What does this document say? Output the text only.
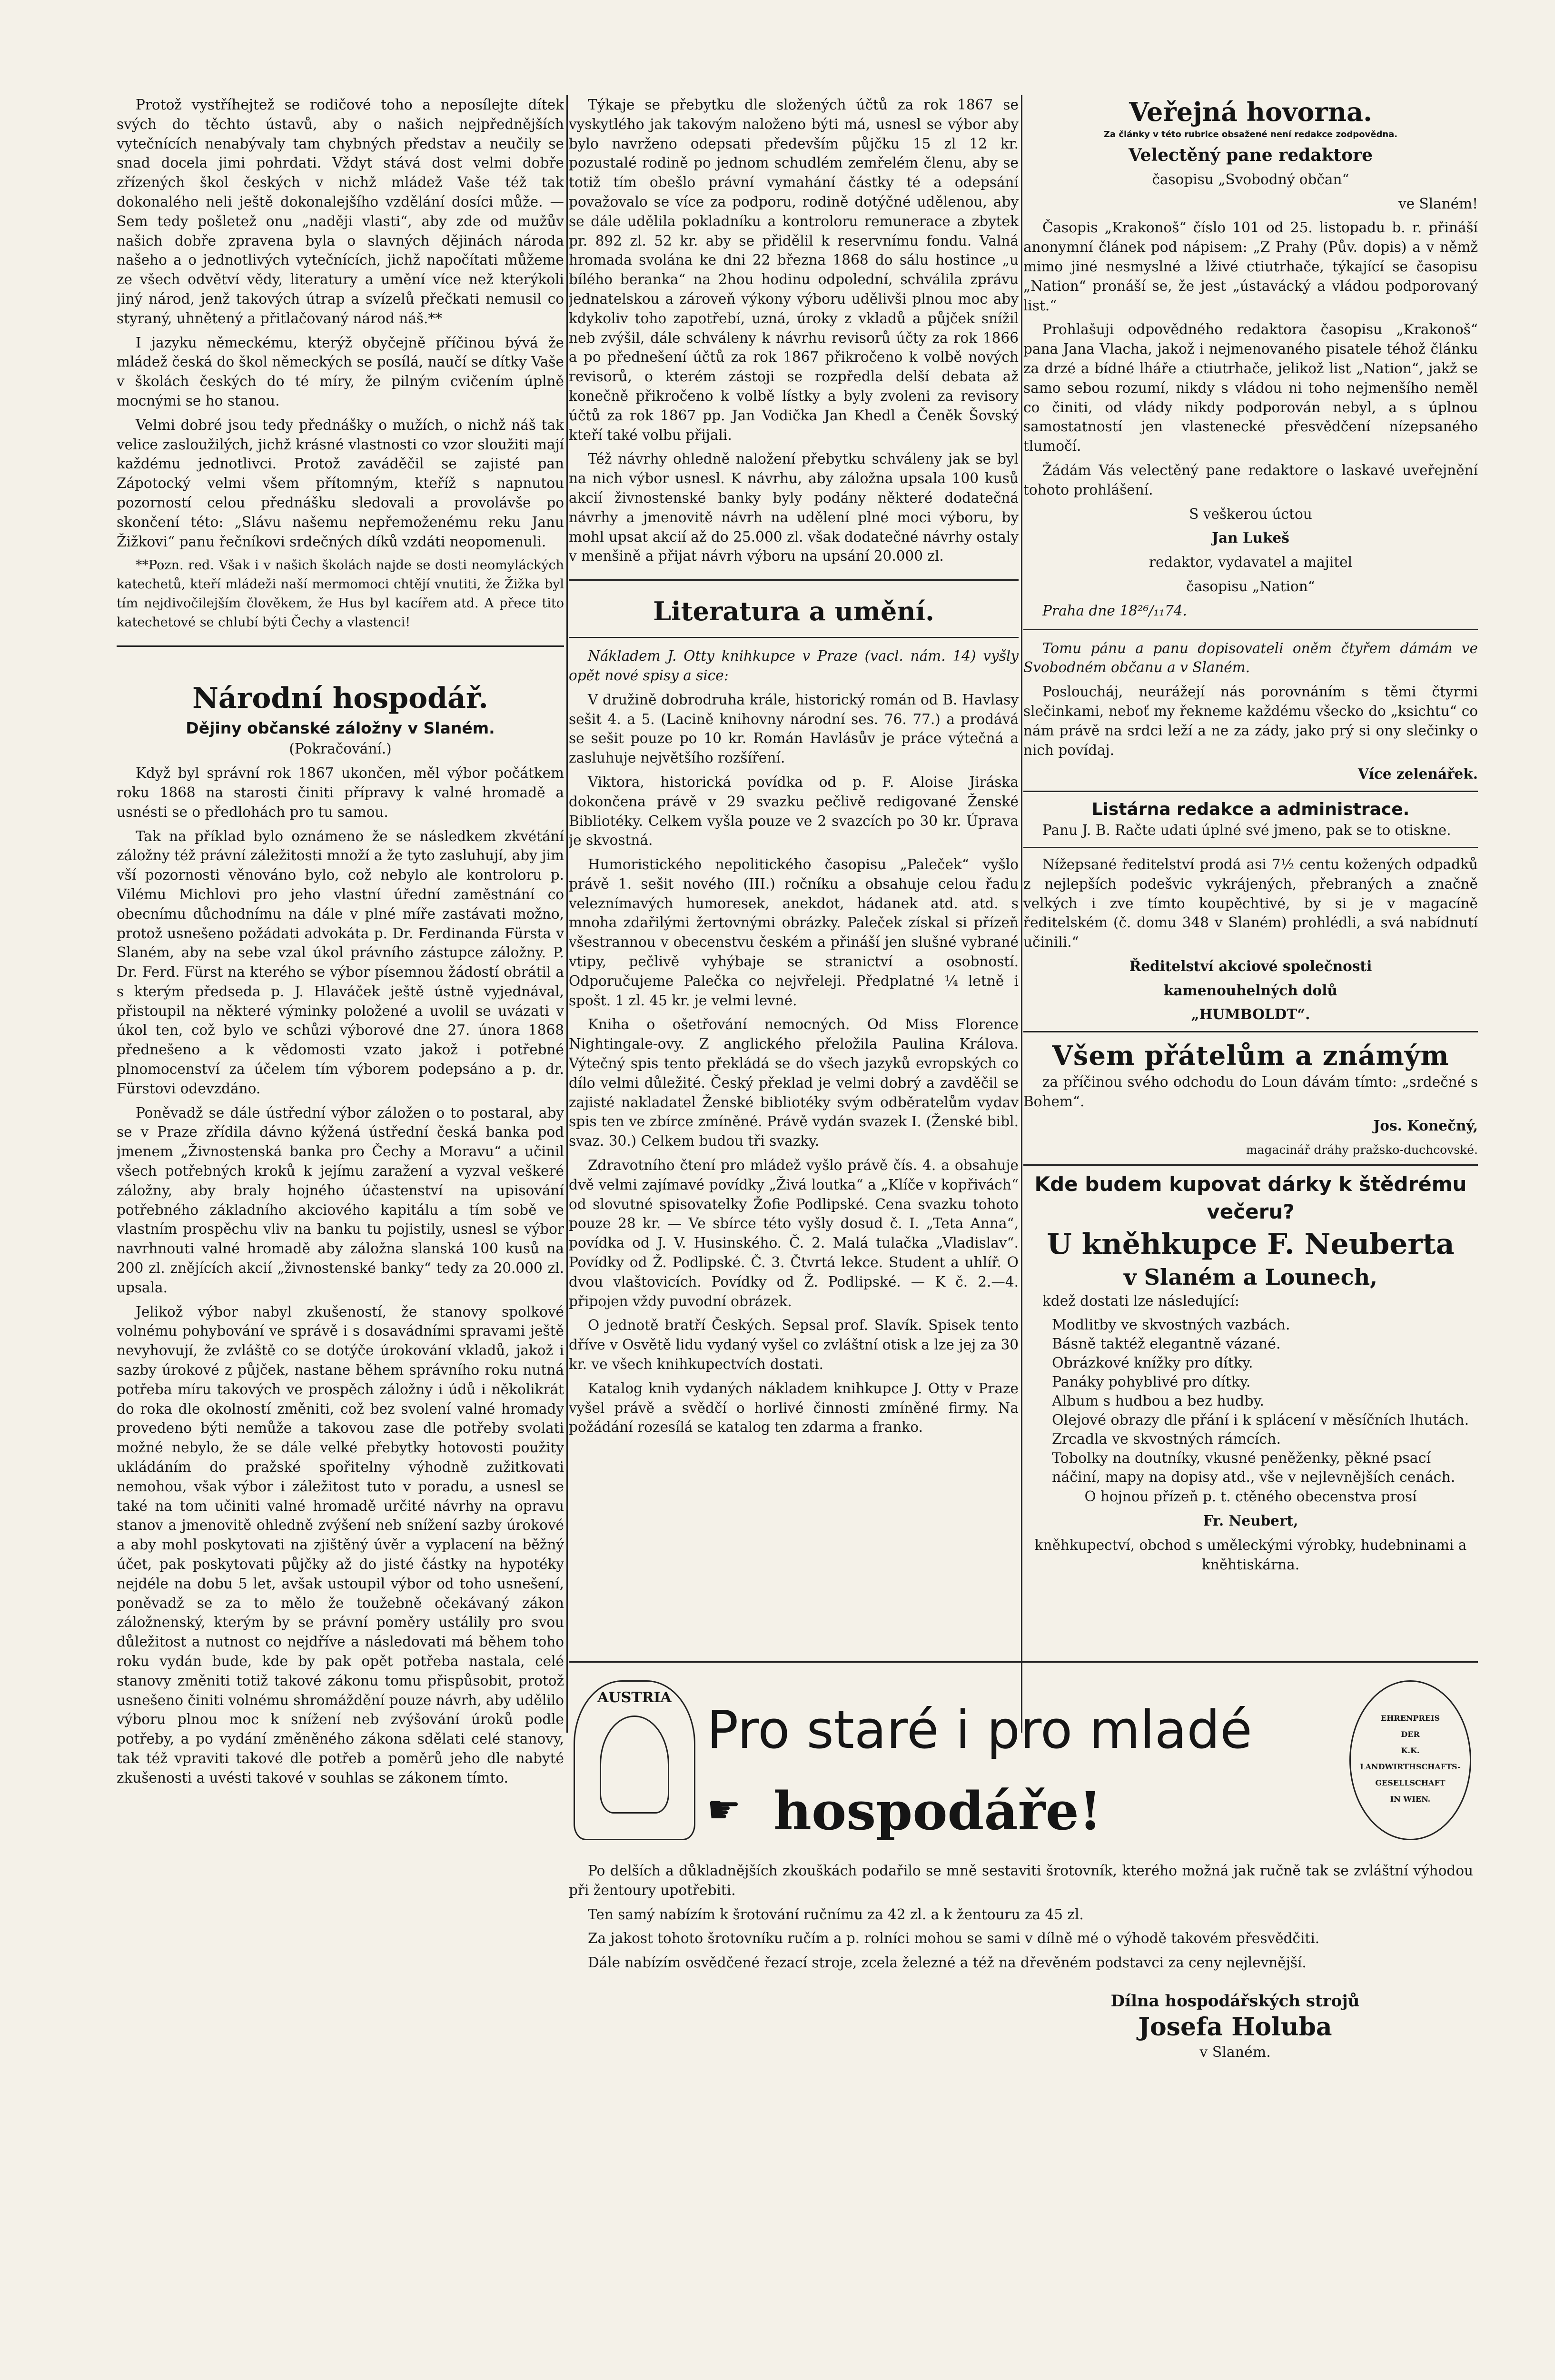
Protož vystříhejtež se rodičové toho a neposílejte dítek svých do těchto ústavů, aby o našich nejpřednějších vytečnících nenabývaly tam chybných představ a neučily se snad docela jimi pohrdati. Vždyt stává dost velmi dobře zřízených škol českých v nichž mládež Vaše též tak dokonalého neli ještě dokonalejšího vzdělání dosíci může. — Sem tedy pošletež onu „naději vlasti“, aby zde od mužův našich dobře zpravena byla o slavných dějinách národa našeho a o jednotlivých vytečnících, jichž napočítati můžeme ze všech odvětví vědy, literatury a umění více než kterýkoli jiný národ, jenž takových útrap a svízelů přečkati nemusil co styraný, uhnětený a přitlačovaný národ náš.**

I jazyku německému, kterýž obyčejně příčinou bývá že mládež česká do škol německých se posílá, naučí se dítky Vaše v školách českých do té míry, že pilným cvičením úplně mocnými se ho stanou.

Velmi dobré jsou tedy přednášky o mužích, o nichž náš tak velice zasloužilých, jichž krásné vlastnosti co vzor sloužiti mají každému jednotlivci. Protož zaváděčil se zajisté pan Zápotocký velmi všem přítomným, kteříž s napnutou pozorností celou přednášku sledovali a provolávše po skončení této: „Slávu našemu nepřemoženému reku Janu Žižkovi“ panu řečníkovi srdečných díků vzdáti neopomenuli.

**Pozn. red. Však i v našich školách najde se dosti neomyláckých katechetů, kteří mládeži naší mermomoci chtějí vnutiti, že Žižka byl tím nejdivočilejším člověkem, že Hus byl kacířem atd. A přece tito katechetové se chlubí býti Čechy a vlastenci!

Národní hospodář.
Dějiny občanské záložny v Slaném.

(Pokračování.)

Když byl správní rok 1867 ukončen, měl výbor počátkem roku 1868 na starosti činiti přípravy k valné hromadě a usnésti se o předlohách pro tu samou.

Tak na příklad bylo oznámeno že se následkem zkvétání záložny též právní záležitosti množí a že tyto zasluhují, aby jim vší pozornosti věnováno bylo, což nebylo ale kontroloru p. Vilému Michlovi pro jeho vlastní úřední zaměstnání co obecnímu důchodnímu na dále v plné míře zastávati možno, protož usnešeno požádati advokáta p. Dr. Ferdinanda Fürsta v Slaném, aby na sebe vzal úkol právního zástupce záložny. P. Dr. Ferd. Fürst na kterého se výbor písemnou žádostí obrátil a s kterým předseda p. J. Hlaváček ještě ústně vyjednával, přistoupil na některé výminky položené a uvolil se uvázati v úkol ten, což bylo ve schůzi výborové dne 27. února 1868 přednešeno a k vědomosti vzato jakož i potřebné plnomocenství za účelem tím výborem podepsáno a p. dr. Fürstovi odevzdáno.

Poněvadž se dále ústřední výbor záložen o to postaral, aby se v Praze zřídila dávno kýžená ústřední česká banka pod jmenem „Živnostenská banka pro Čechy a Moravu“ a učinil všech potřebných kroků k jejímu zaražení a vyzval veškeré záložny, aby braly hojného účastenství na upisování potřebného základního akciového kapitálu a tím sobě ve vlastním prospěchu vliv na banku tu pojistily, usnesl se výbor navrhnouti valné hromadě aby záložna slanská 100 kusů na 200 zl. znějících akcií „živnostenské banky“ tedy za 20.000 zl. upsala.

Jelikož výbor nabyl zkušeností, že stanovy spolkové volnému pohybování ve správě i s dosavádními spravami ještě nevyhovují, že zvláště co se dotýče úrokování vkladů, jakož i sazby úrokové z půjček, nastane během správního roku nutná potřeba míru takových ve prospěch záložny i údů i několikrát do roka dle okolností změniti, což bez svolení valné hromady provedeno býti nemůže a takovou zase dle potřeby svolati možné nebylo, že se dále velké přebytky hotovosti použity ukládáním do pražské spořitelny výhodně zužitkovati nemohou, však výbor i záležitost tuto v poradu, a usnesl se také na tom učiniti valné hromadě určité návrhy na opravu stanov a jmenovitě ohledně zvýšení neb snížení sazby úrokové a aby mohl poskytovati na zjištěný úvěr a vyplacení na běžný účet, pak poskytovati půjčky až do jisté částky na hypotéky nejdéle na dobu 5 let, avšak ustoupil výbor od toho usnešení, poněvadž se za to mělo že toužebně očekávaný zákon záložnenský, kterým by se právní poměry ustálily pro svou důležitost a nutnost co nejdříve a následovati má během toho roku vydán bude, kde by pak opět potřeba nastala, celé stanovy změniti totiž takové zákonu tomu přispůsobit, protož usnešeno činiti volnému shromáždění pouze návrh, aby udělilo výboru plnou moc k snížení neb zvýšování úroků podle potřeby, a po vydání změněného zákona sdělati celé stanovy, tak též vpraviti takové dle potřeb a poměrů jeho dle nabyté zkušenosti a uvésti takové v souhlas se zákonem tímto.

Týkaje se přebytku dle složených účtů za rok 1867 se vyskytlého jak takovým naloženo býti má, usnesl se výbor aby bylo navrženo odepsati především půjčku 15 zl 12 kr. pozustalé rodině po jednom schudlém zemřelém členu, aby se totiž tím obešlo právní vymahání částky té a odepsání považovalo se více za podporu, rodině dotýčné udělenou, aby se dále udělila pokladníku a kontroloru remunerace a zbytek pr. 892 zl. 52 kr. aby se přidělil k reservnímu fondu. Valná hromada svolána ke dni 22 března 1868 do sálu hostince „u bílého beranka“ na 2hou hodinu odpolední, schválila zprávu jednatelskou a zároveň výkony výboru udělivši plnou moc aby kdykoliv toho zapotřebí, uzná, úroky z vkladů a půjček snížil neb zvýšil, dále schváleny k návrhu revisorů účty za rok 1866 a po přednešení účtů za rok 1867 přikročeno k volbě nových revisorů, o kterém zástoji se rozpředla delší debata až konečně přikročeno k volbě lístky a byly zvoleni za revisory účtů za rok 1867 pp. Jan Vodička Jan Khedl a Čeněk Šovský kteří také volbu přijali.

Též návrhy ohledně naložení přebytku schváleny jak se byl na nich výbor usnesl. K návrhu, aby záložna upsala 100 kusů akcií živnostenské banky byly podány některé dodatečná návrhy a jmenovitě návrh na udělení plné moci výboru, by mohl upsat akcií až do 25.000 zl. však dodatečné návrhy ostaly v menšině a přijat návrh výboru na upsání 20.000 zl.

Literatura a umění.

Nákladem J. Otty knihkupce v Praze (vacl. nám. 14) vyšly opět nové spisy a sice:

V družině dobrodruha krále, historický román od B. Havlasy sešit 4. a 5. (Lacině knihovny národní ses. 76. 77.) a prodává se sešit pouze po 10 kr. Román Havlásův je práce výtečná a zasluhuje největšího rozšíření.

Viktora, historická povídka od p. F. Aloise Jiráska dokončena právě v 29 svazku pečlivě redigované Ženské Bibliotéky. Celkem vyšla pouze ve 2 svazcích po 30 kr. Úprava je skvostná.

Humoristického nepolitického časopisu „Paleček“ vyšlo právě 1. sešit nového (III.) ročníku a obsahuje celou řadu veleznímavých humoresek, anekdot, hádanek atd. atd. s mnoha zdařilými žertovnými obrázky. Paleček získal si přízeň všestrannou v obecenstvu českém a přináší jen slušné vybrané vtipy, pečlivě vyhýbaje se stranictví a osobností. Odporučujeme Palečka co nejvřeleji. Předplatné ¼ letně i spošt. 1 zl. 45 kr. je velmi levné.

Kniha o ošetřování nemocných. Od Miss Florence Nightingale-ovy. Z anglického přeložila Paulina Králova. Výtečný spis tento překládá se do všech jazyků evropských co dílo velmi důležité. Český překlad je velmi dobrý a zavděčil se zajisté nakladatel Ženské bibliotéky svým odběratelům vydav spis ten ve zbírce zmíněné. Právě vydán svazek I. (Ženské bibl. svaz. 30.) Celkem budou tři svazky.

Zdravotního čtení pro mládež vyšlo právě čís. 4. a obsahuje dvě velmi zajímavé povídky „Živá loutka“ a „Klíče v kopřivách“ od slovutné spisovatelky Žofie Podlipské. Cena svazku tohoto pouze 28 kr. — Ve sbírce této vyšly dosud č. I. „Teta Anna“, povídka od J. V. Husinského. Č. 2. Malá tulačka „Vladislav“. Povídky od Ž. Podlipské. Č. 3. Čtvrtá lekce. Student a uhlíř. O dvou vlaštovicích. Povídky od Ž. Podlipské. — K č. 2.—4. připojen vždy puvodní obrázek.

O jednotě bratří Českých. Sepsal prof. Slavík. Spisek tento dříve v Osvětě lidu vydaný vyšel co zvláštní otisk a lze jej za 30 kr. ve všech knihkupectvích dostati.

Katalog knih vydaných nákladem knihkupce J. Otty v Praze vyšel právě a svědčí o horlivé činnosti zmíněné firmy. Na požádání rozesílá se katalog ten zdarma a franko.

Veřejná hovorna.

Za články v této rubrice obsažené není redakce zodpovědna.

Velectěný pane redaktore

časopisu „Svobodný občan“

ve Slaném!

Časopis „Krakonoš“ číslo 101 od 25. listopadu b. r. přináší anonymní článek pod nápisem: „Z Prahy (Pův. dopis) a v němž mimo jiné nesmyslné a lživé ctiutrhače, týkající se časopisu „Nation“ pronáší se, že jest „ústavácký a vládou podporovaný list.“

Prohlašuji odpovědného redaktora časopisu „Krakonoš“ pana Jana Vlacha, jakož i nejmenovaného pisatele téhož článku za drzé a bídné lháře a ctiutrhače, jelikož list „Nation“, jakž se samo sebou rozumí, nikdy s vládou ni toho nejmenšího neměl co činiti, od vlády nikdy podporován nebyl, a s úplnou samostatností jen vlastenecké přesvědčení nízepsaného tlumočí.

Žádám Vás velectěný pane redaktore o laskavé uveřejnění tohoto prohlášení.

S veškerou úctou

Jan Lukeš

redaktor, vydavatel a majitel

časopisu „Nation“

Praha dne 18²⁶/₁₁74.

Tomu pánu a panu dopisovateli oněm čtyřem dámám ve Svobodném občanu a v Slaném.

Posloucháj, neurážejí nás porovnáním s těmi čtyrmi slečinkami, neboť my řekneme každému všecko do „ksichtu“ co nám právě na srdci leží a ne za zády, jako prý si ony slečinky o nich povídaj.

Více zelenářek.

Listárna redakce a administrace.

Panu J. B. Račte udati úplné své jmeno, pak se to otiskne.

Nížepsané ředitelství prodá asi 7½ centu kožených odpadků z nejlepších podešvic vykrájených, přebraných a značně velkých i zve tímto koupěchtivé, by si je v magacíně ředitelském (č. domu 348 v Slaném) prohlédli, a svá nabídnutí učinili.“

Ředitelství akciové společnosti

kamenouhelných dolů

„HUMBOLDT“.

Všem přátelům a známým

za příčinou svého odchodu do Loun dávám tímto: „srdečné s Bohem“.

Jos. Konečný,

magacinář dráhy pražsko-duchcovské.

Kde budem kupovat dárky k štědrému večeru?
U kněhkupce F. Neuberta
v Slaném a Lounech,

kdež dostati lze následující:

Modlitby ve skvostných vazbách.
Básně taktéž elegantně vázané.
Obrázkové knížky pro dítky.
Panáky pohyblivé pro dítky.
Album s hudbou a bez hudby.
Olejové obrazy dle přání i k splácení v měsíčních lhutách.
Zrcadla ve skvostných rámcích.
Tobolky na doutníky, vkusné peněženky, pěkné psací náčiní, mapy na dopisy atd., vše v nejlevnějších cenách.

O hojnou přízeň p. t. ctěného obecenstva prosí

Fr. Neubert,

kněhkupectví, obchod s uměleckými výrobky, hudebninami a kněhtiskárna.

AUSTRIA
Pro staré i pro mladé
hospodáře!
☛
EHRENPREIS
DER
K.K. LANDWIRTHSCHAFTS-
GESELLSCHAFT
IN WIEN.

Po delších a důkladnějších zkouškách podařilo se mně sestaviti šrotovník, kterého možná jak ručně tak se zvláštní výhodou při žentoury upotřebiti.

Ten samý nabízím k šrotování ručnímu za 42 zl. a k žentouru za 45 zl.

Za jakost tohoto šrotovníku ručím a p. rolníci mohou se sami v dílně mé o výhodě takovém přesvědčiti.

Dále nabízím osvědčené řezací stroje, zcela železné a též na dřevěném podstavci za ceny nejlevnější.

Dílna hospodářských strojů
Josefa Holuba
v Slaném.
